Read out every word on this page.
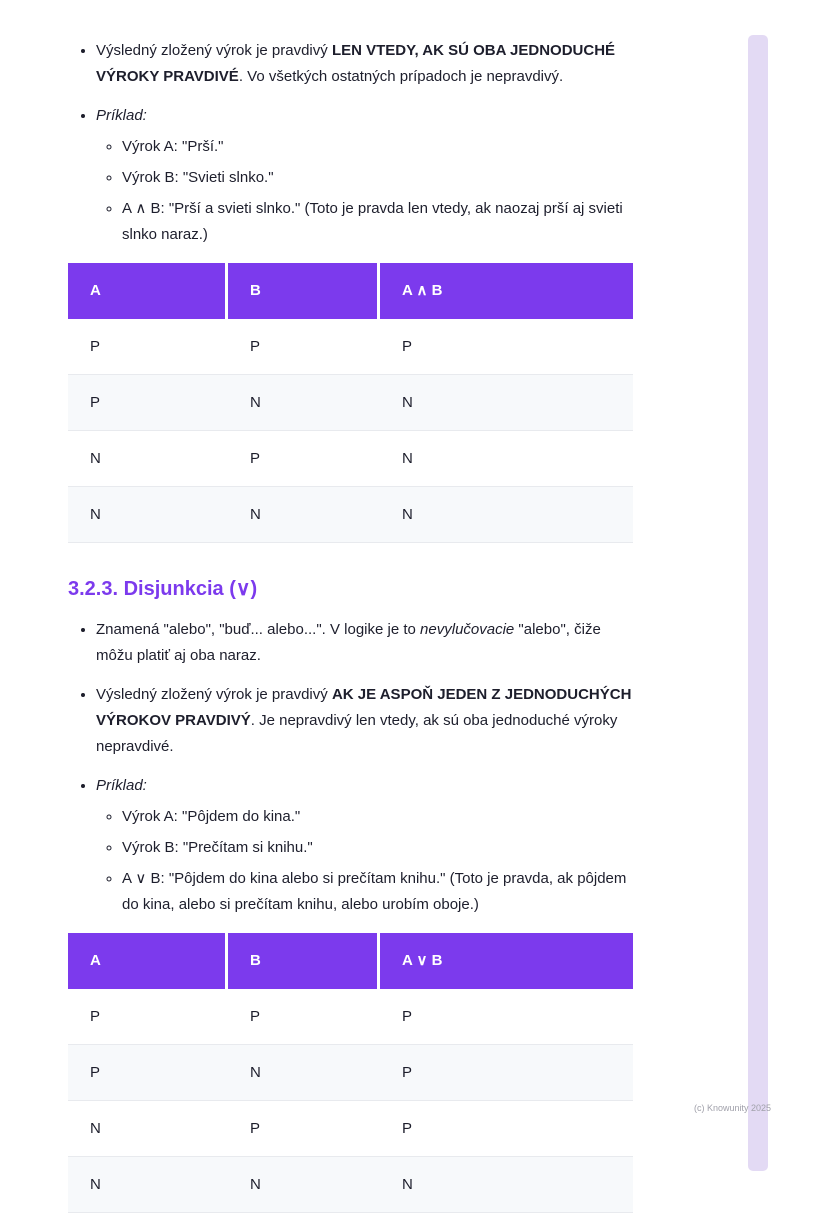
• Výsledný zložený výrok je pravdivý LEN VTEDY, AK SÚ OBA JEDNODUCHÉ VÝROKY PRAVDIVÉ. Vo všetkých ostatných prípadoch je nepravdivý.
• Príklad:
◦ Výrok A: "Prší."
◦ Výrok B: "Svieti slnko."
◦ A ∧ B: "Prší a svieti slnko." (Toto je pravda len vtedy, ak naozaj prší aj svieti slnko naraz.)
A	B	A ∧ B
P	P	P
P	N	N
N	P	N
N	N	N
3.2.3. Disjunkcia (∨)
• Znamená "alebo", "buď... alebo...". V logike je to nevylučovacie "alebo", čiže môžu platiť aj oba naraz.
• Výsledný zložený výrok je pravdivý AK JE ASPOŇ JEDEN Z JEDNODUCHÝCH VÝROKOV PRAVDIVÝ. Je nepravdivý len vtedy, ak sú oba jednoduché výroky nepravdivé.
• Príklad:
◦ Výrok A: "Pôjdem do kina."
◦ Výrok B: "Prečítam si knihu."
◦ A ∨ B: "Pôjdem do kina alebo si prečítam knihu." (Toto je pravda, ak pôjdem do kina, alebo si prečítam knihu, alebo urobím oboje.)
A	B	A ∨ B
P	P	P
P	N	P
N	P	P
N	N	N
(c) Knowunity 2025
